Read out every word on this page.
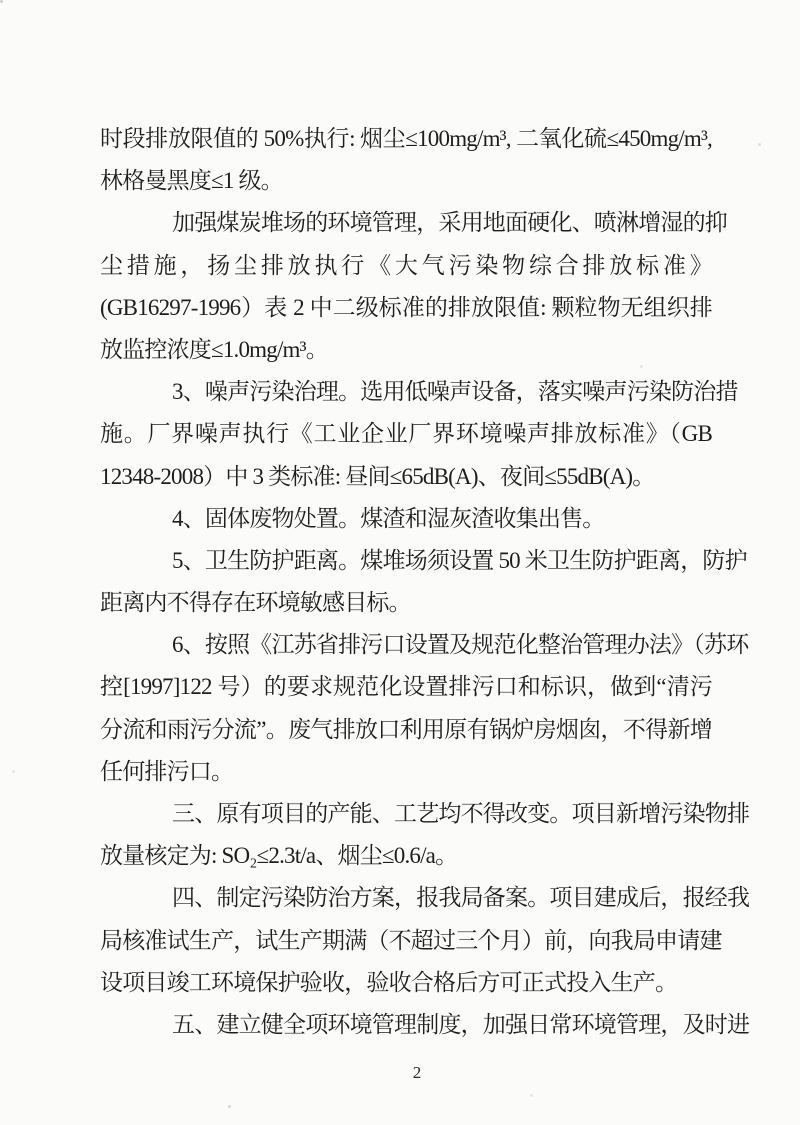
时段排放限值的 50%执行: 烟尘≤100mg/m³, 二氧化硫≤450mg/m³,
林格曼黑度≤1 级。
加强煤炭堆场的环境管理，采用地面硬化、喷淋增湿的抑
尘措施，扬尘排放执行《大气污染物综合排放标准》
(GB16297-1996）表 2 中二级标准的排放限值: 颗粒物无组织排
放监控浓度≤1.0mg/m³。
3、噪声污染治理。选用低噪声设备，落实噪声污染防治措
施。厂界噪声执行《工业企业厂界环境噪声排放标准》（GB
12348-2008）中 3 类标准: 昼间≤65dB(A)、夜间≤55dB(A)。
4、固体废物处置。煤渣和湿灰渣收集出售。
5、卫生防护距离。煤堆场须设置 50 米卫生防护距离，防护
距离内不得存在环境敏感目标。
6、按照《江苏省排污口设置及规范化整治管理办法》（苏环
控[1997]122 号）的要求规范化设置排污口和标识，做到“清污
分流和雨污分流”。废气排放口利用原有锅炉房烟囱，不得新增
任何排污口。
三、原有项目的产能、工艺均不得改变。项目新增污染物排
放量核定为: SO₂≤2.3t/a、烟尘≤0.6/a。
四、制定污染防治方案，报我局备案。项目建成后，报经我
局核准试生产，试生产期满（不超过三个月）前，向我局申请建
设项目竣工环境保护验收，验收合格后方可正式投入生产。
五、建立健全项环境管理制度，加强日常环境管理，及时进
2
